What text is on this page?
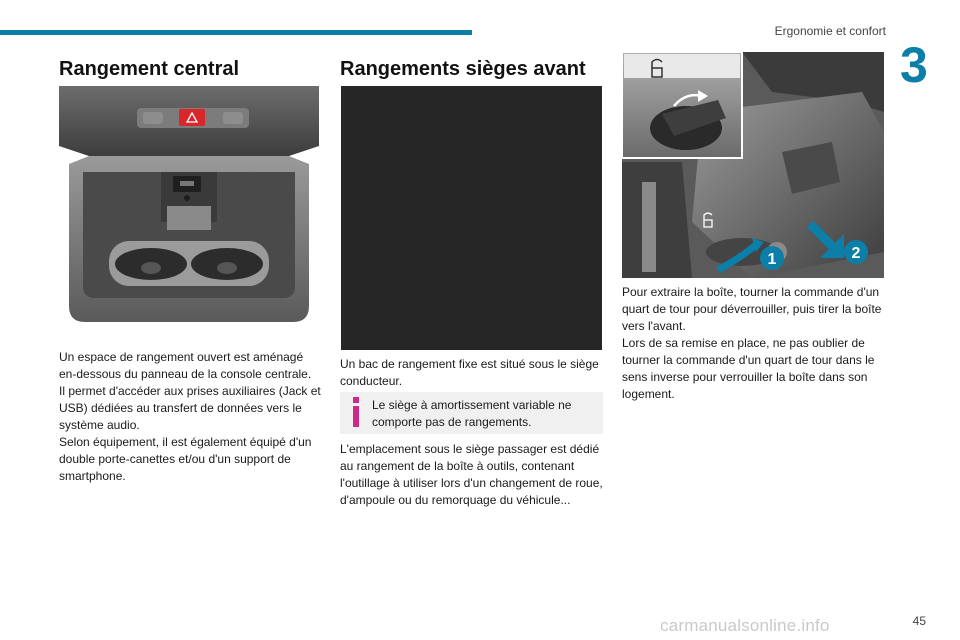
Ergonomie et confort
3
Rangement central

Un espace de rangement ouvert est aménagé en-dessous du panneau de la console centrale.

Il permet d'accéder aux prises auxiliaires (Jack et USB) dédiées au transfert de données vers le système audio.

Selon équipement, il est également équipé d'un double porte-canettes et/ou d'un support de smartphone.

Rangements sièges avant
Un bac de rangement fixe est situé sous le siège conducteur.
Le siège à amortissement variable ne comporte pas de rangements.
L'emplacement sous le siège passager est dédié au rangement de la boîte à outils, contenant l'outillage à utiliser lors d'un changement de roue, d'ampoule ou du remorquage du véhicule...
1	2

Pour extraire la boîte, tourner la commande d'un quart de tour pour déverrouiller, puis tirer la boîte vers l'avant.

Lors de sa remise en place, ne pas oublier de tourner la commande d'un quart de tour dans le sens inverse pour verrouiller la boîte dans son logement.

carmanualsonline.info	45
